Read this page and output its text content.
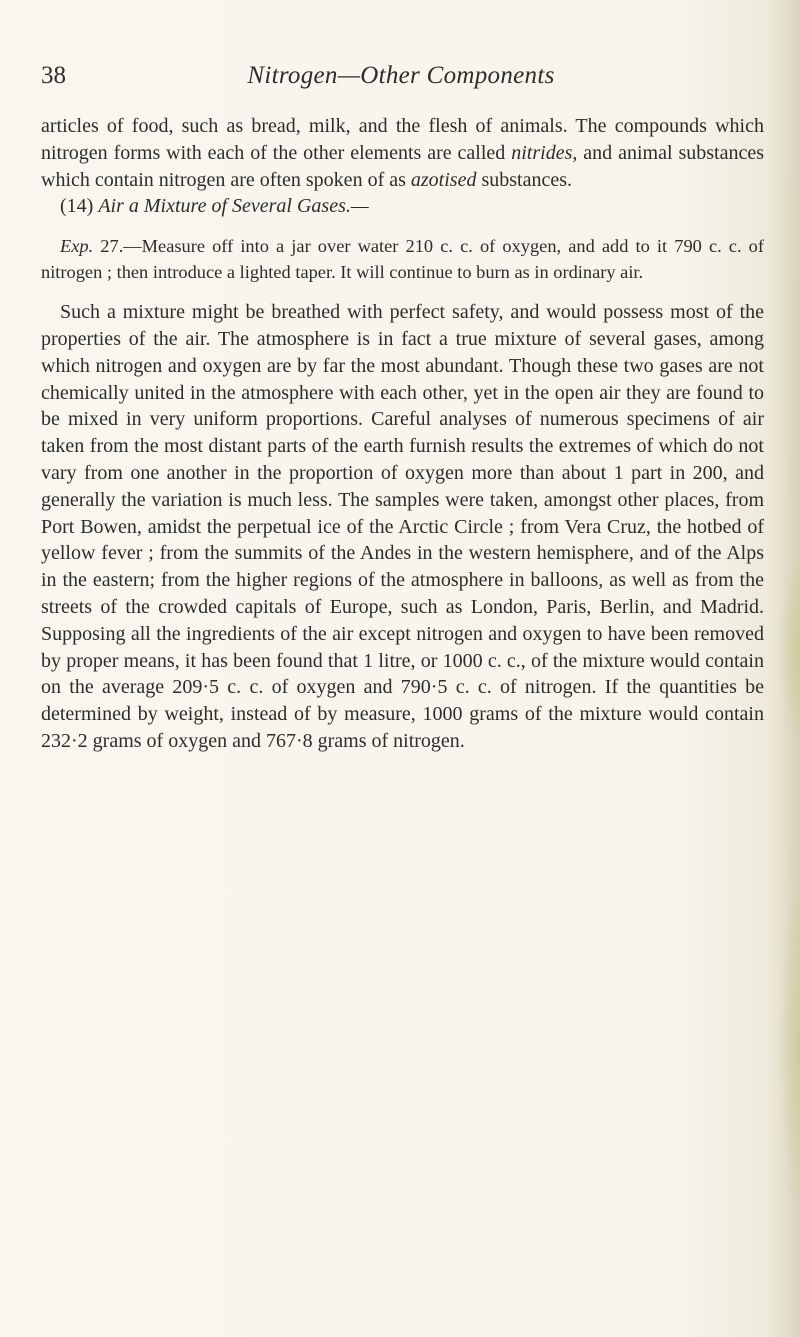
38	Nitrogen—Other Components

articles of food, such as bread, milk, and the flesh of animals. The compounds which nitrogen forms with each of the other elements are called nitrides, and animal substances which contain nitrogen are often spoken of as azotised substances.

(14) Air a Mixture of Several Gases.—

Exp. 27.—Measure off into a jar over water 210 c. c. of oxygen, and add to it 790 c. c. of nitrogen ; then introduce a lighted taper. It will continue to burn as in ordinary air.

Such a mixture might be breathed with perfect safety, and would possess most of the properties of the air. The atmosphere is in fact a true mixture of several gases, among which nitrogen and oxygen are by far the most abundant. Though these two gases are not chemically united in the atmosphere with each other, yet in the open air they are found to be mixed in very uniform proportions. Careful analyses of numerous specimens of air taken from the most distant parts of the earth furnish results the extremes of which do not vary from one another in the proportion of oxygen more than about 1 part in 200, and generally the variation is much less. The samples were taken, amongst other places, from Port Bowen, amidst the perpetual ice of the Arctic Circle ; from Vera Cruz, the hotbed of yellow fever ; from the summits of the Andes in the western hemisphere, and of the Alps in the eastern; from the higher regions of the atmosphere in balloons, as well as from the streets of the crowded capitals of Europe, such as London, Paris, Berlin, and Madrid. Supposing all the ingredients of the air except nitrogen and oxygen to have been removed by proper means, it has been found that 1 litre, or 1000 c. c., of the mixture would contain on the average 209·5 c. c. of oxygen and 790·5 c. c. of nitrogen. If the quantities be determined by weight, instead of by measure, 1000 grams of the mixture would contain 232·2 grams of oxygen and 767·8 grams of nitrogen.
